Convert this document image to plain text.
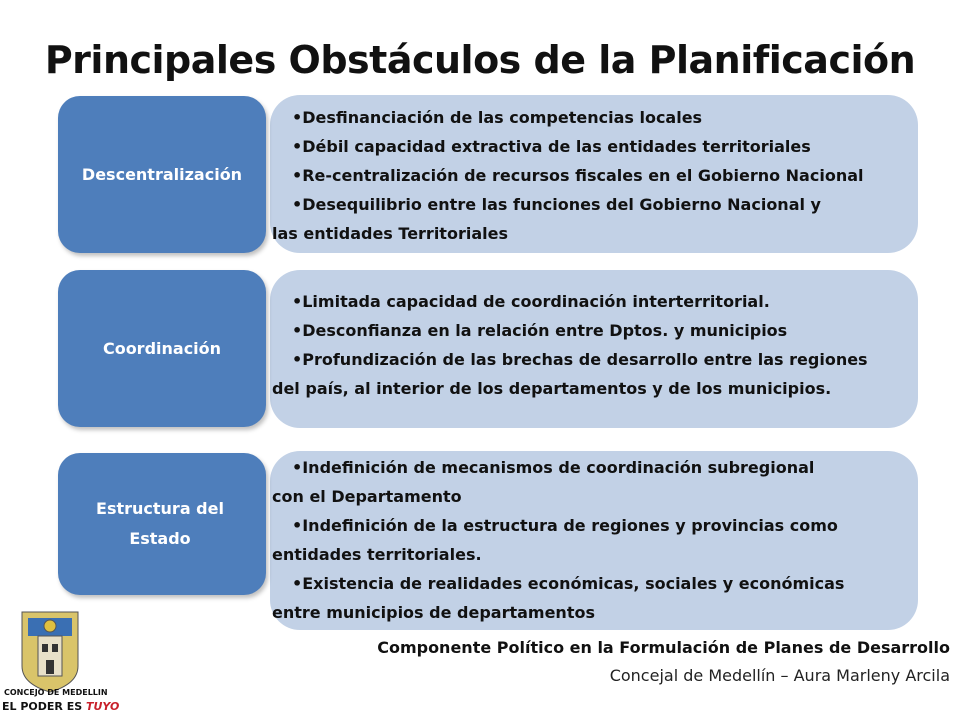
Principales Obstáculos de la Planificación
•Desfinanciación de las competencias locales
•Débil capacidad extractiva de las entidades territoriales
•Re-centralización de recursos fiscales en el Gobierno Nacional
•Desequilibrio entre las funciones del Gobierno Nacional y
las entidades Territoriales
Descentralización
•Limitada capacidad de coordinación interterritorial.
•Desconfianza en la relación entre Dptos. y municipios
•Profundización de las brechas de desarrollo entre las regiones
del país, al interior de los departamentos y de los municipios.
Coordinación
•Indefinición de mecanismos de coordinación subregional
con el Departamento
•Indefinición de la estructura de regiones y provincias como
entidades territoriales.
•Existencia de realidades económicas, sociales y económicas
entre municipios de departamentos
Estructura del
Estado
Componente Político en la Formulación de Planes de Desarrollo
Concejal de Medellín – Aura Marleny Arcila
CONCEJO DE MEDELLIN
EL PODER ES TUYO
